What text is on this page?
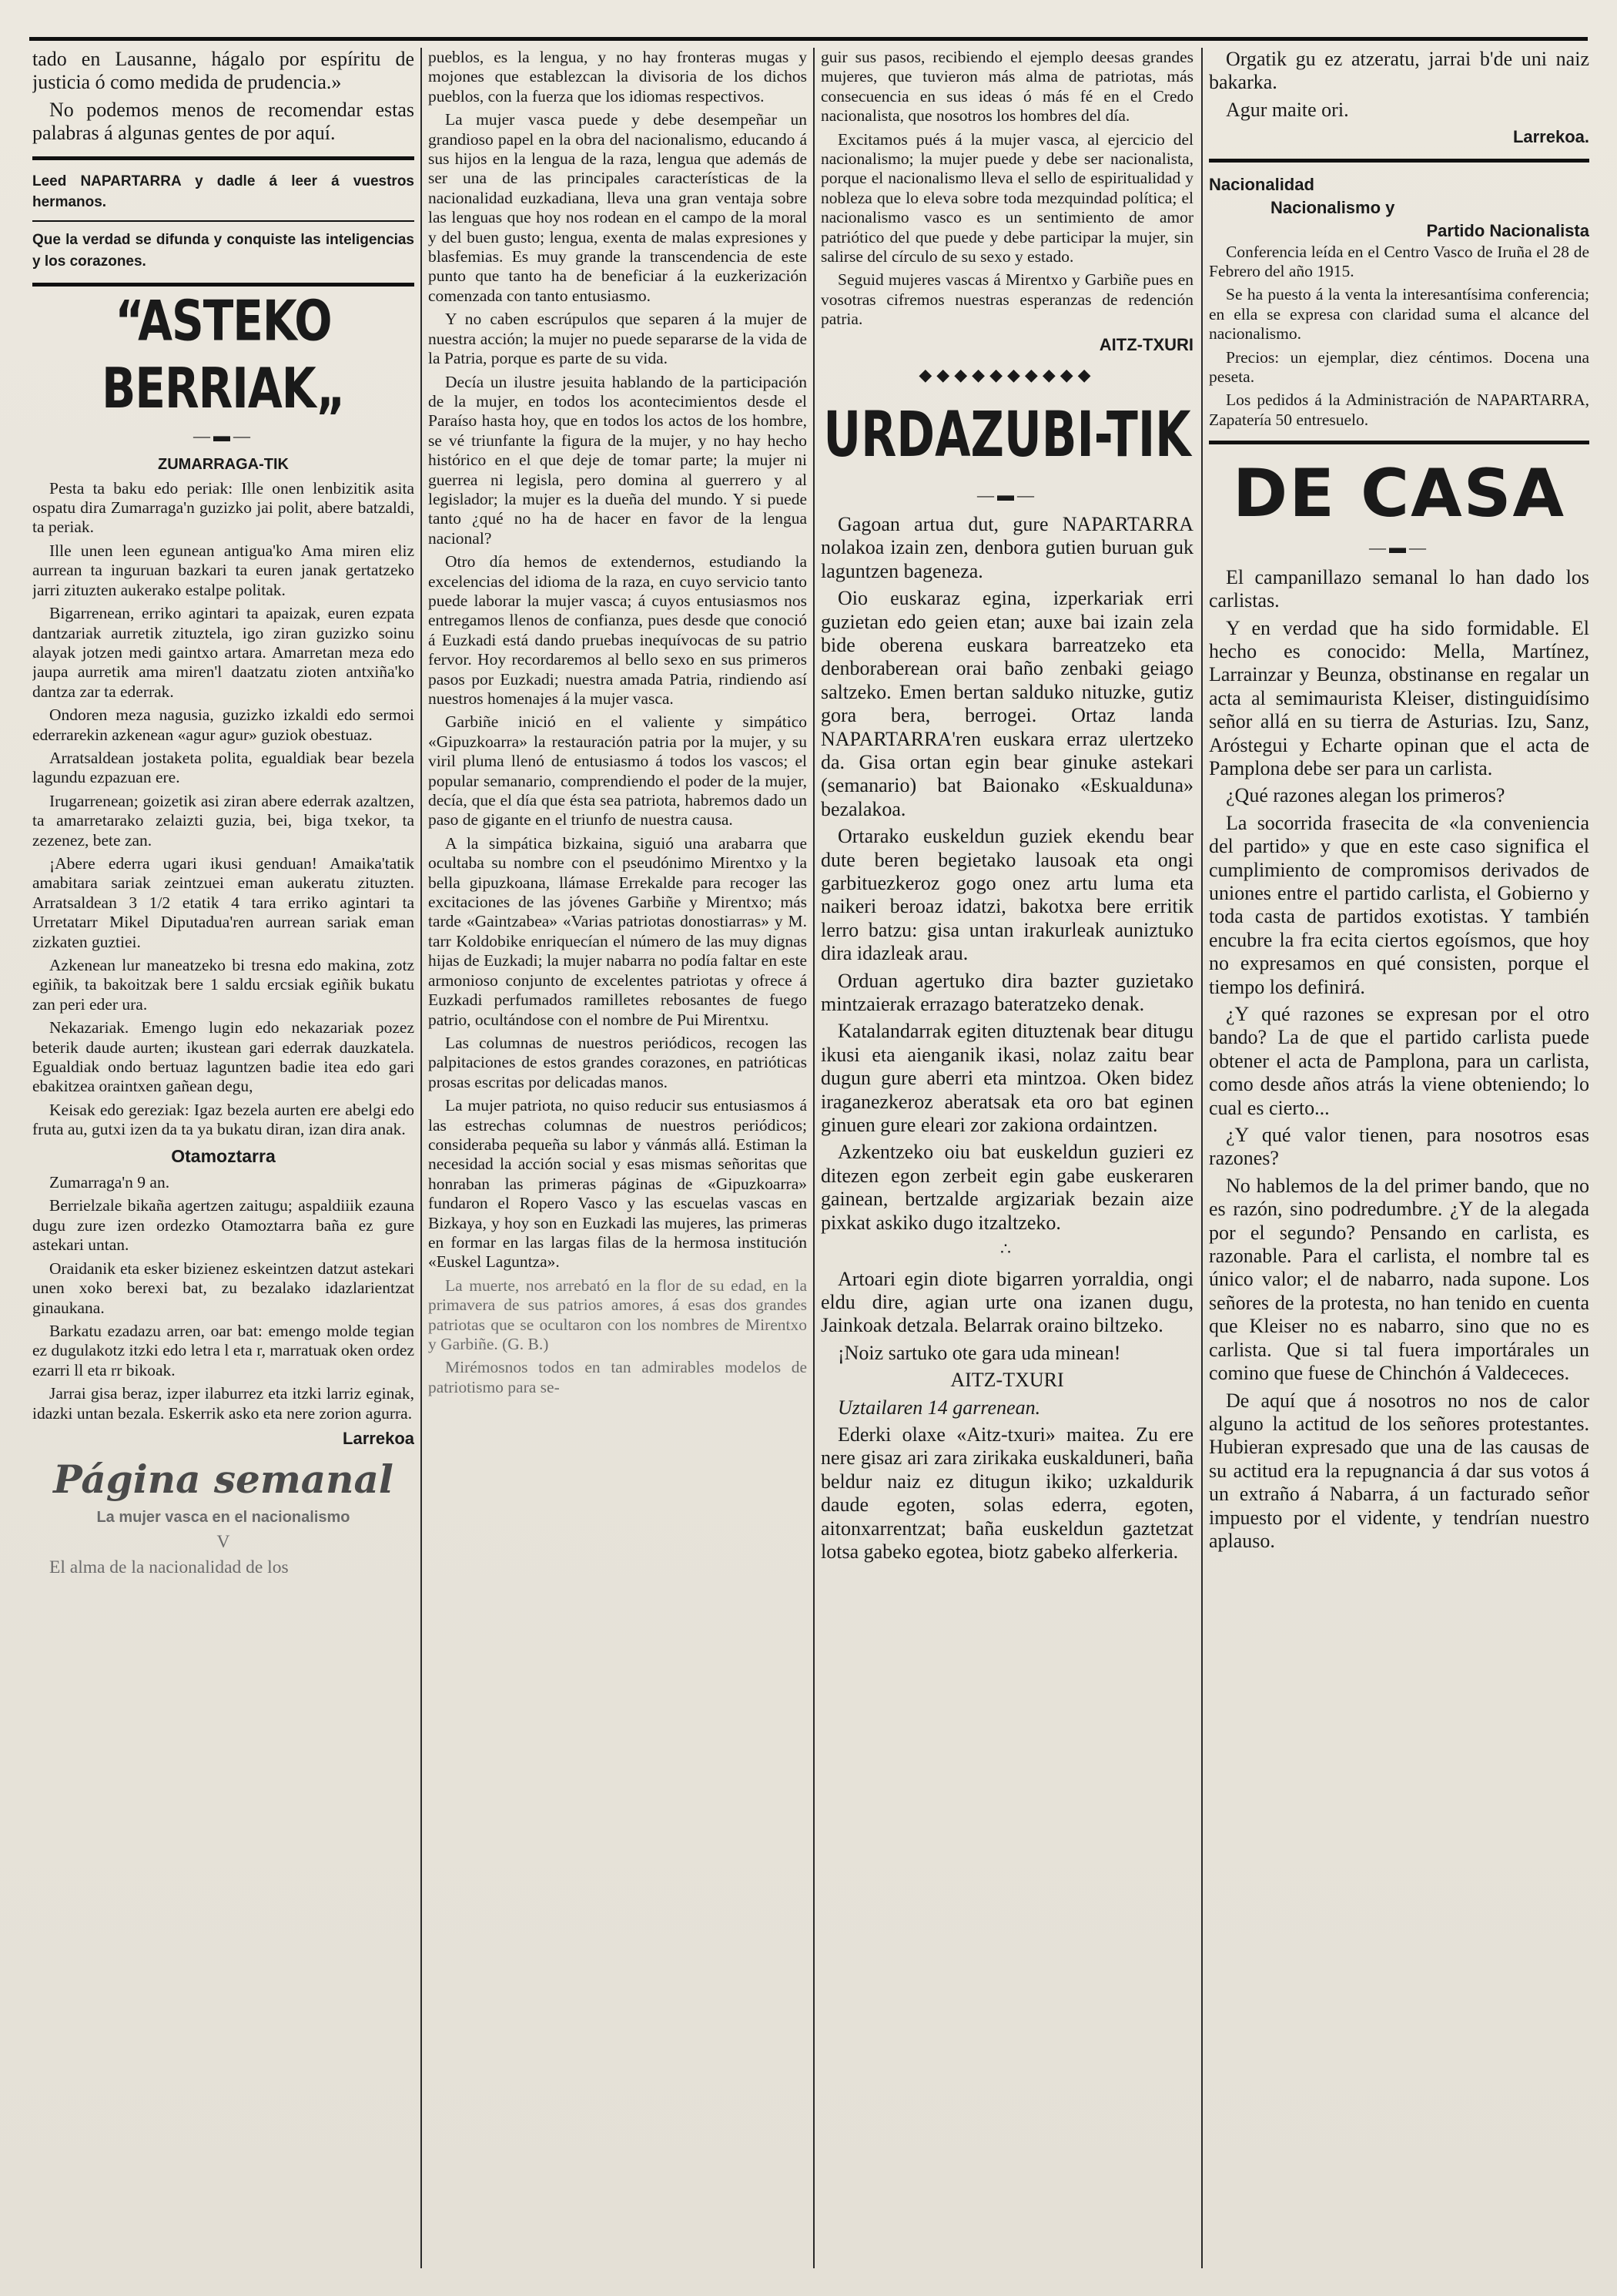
tado en Lausanne, hágalo por espíritu de justicia ó como medida de prudencia.»

No podemos menos de recomendar estas palabras á algunas gentes de por aquí.

Leed NAPARTARRA y dadle á leer á vuestros hermanos.

Que la verdad se difunda y conquiste las inteligencias y los corazones.

“ASTEKO BERRIAK„
—▬—

ZUMARRAGA-TIK

Pesta ta baku edo periak: Ille onen lenbizitik asita ospatu dira Zumarraga'n guzizko jai polit, abere batzaldi, ta periak.

Ille unen leen egunean antigua'ko Ama miren eliz aurrean ta inguruan bazkari ta euren janak gertatzeko jarri zituzten aukerako estalpe politak.

Bigarrenean, erriko agintari ta apaizak, euren ezpata dantzariak aurretik zituztela, igo ziran guzizko soinu alayak jotzen medi gaintxo artara. Amarretan meza edo jaupa aurretik ama miren'l daatzatu zioten antxiña'ko dantza zar ta ederrak.

Ondoren meza nagusia, guzizko izkaldi edo sermoi ederrarekin azkenean «agur agur» guziok obestuaz.

Arratsaldean jostaketa polita, egualdiak bear bezela lagundu ezpazuan ere.

Irugarrenean; goizetik asi ziran abere ederrak azaltzen, ta amarretarako zelaizti guzia, bei, biga txekor, ta zezenez, bete zan.

¡Abere ederra ugari ikusi genduan! Amaika'tatik amabitara sariak zeintzuei eman aukeratu zituzten. Arratsaldean 3 1/2 etatik 4 tara erriko agintari ta Urretatarr Mikel Diputadua'ren aurrean sariak eman zizkaten guztiei.

Azkenean lur maneatzeko bi tresna edo makina, zotz egiñik, ta bakoitzak bere 1 saldu ercsiak egiñik bukatu zan peri eder ura.

Nekazariak. Emengo lugin edo nekazariak pozez beterik daude aurten; ikustean gari ederrak dauzkatela. Egualdiak ondo bertuaz laguntzen badie itea edo gari ebakitzea oraintxen gañean degu,

Keisak edo gereziak: Igaz bezela aurten ere abelgi edo fruta au, gutxi izen da ta ya bukatu diran, izan dira anak.

Otamoztarra

Zumarraga'n 9 an.

Berrielzale bikaña agertzen zaitugu; aspaldiiik ezauna dugu zure izen ordezko Otamoztarra baña ez gure astekari untan.

Oraidanik eta esker bizienez eskeintzen datzut astekari unen xoko berexi bat, zu bezalako idazlarientzat ginaukana.

Barkatu ezadazu arren, oar bat: emengo molde tegian ez dugulakotz itzki edo letra l eta r, marratuak oken ordez ezarri ll eta rr bikoak.

Jarrai gisa beraz, izper ilaburrez eta itzki larriz eginak, idazki untan bezala. Eskerrik asko eta nere zorion agurra.

Larrekoa

Página semanal

La mujer vasca en el nacionalismo

V

El alma de la nacionalidad de los

pueblos, es la lengua, y no hay fronteras mugas y mojones que establezcan la divisoria de los dichos pueblos, con la fuerza que los idiomas respectivos.

La mujer vasca puede y debe desempeñar un grandioso papel en la obra del nacionalismo, educando á sus hijos en la lengua de la raza, lengua que además de ser una de las principales características de la nacionalidad euzkadiana, lleva una gran ventaja sobre las lenguas que hoy nos rodean en el campo de la moral y del buen gusto; lengua, exenta de malas expresiones y blasfemias. Es muy grande la transcendencia de este punto que tanto ha de beneficiar á la euzkerización comenzada con tanto entusiasmo.

Y no caben escrúpulos que separen á la mujer de nuestra acción; la mujer no puede separarse de la vida de la Patria, porque es parte de su vida.

Decía un ilustre jesuita hablando de la participación de la mujer, en todos los acontecimientos desde el Paraíso hasta hoy, que en todos los actos de los hombre, se vé triunfante la figura de la mujer, y no hay hecho histórico en el que deje de tomar parte; la mujer ni guerrea ni legisla, pero domina al guerrero y al legislador; la mujer es la dueña del mundo. Y si puede tanto ¿qué no ha de hacer en favor de la lengua nacional?

Otro día hemos de extendernos, estudiando la excelencias del idioma de la raza, en cuyo servicio tanto puede laborar la mujer vasca; á cuyos entusiasmos nos entregamos llenos de confianza, pues desde que conoció á Euzkadi está dando pruebas inequívocas de su patrio fervor. Hoy recordaremos al bello sexo en sus primeros pasos por Euzkadi; nuestra amada Patria, rindiendo así nuestros homenajes á la mujer vasca.

Garbiñe inició en el valiente y simpático «Gipuzkoarra» la restauración patria por la mujer, y su viril pluma llenó de entusiasmo á todos los vascos; el popular semanario, comprendiendo el poder de la mujer, decía, que el día que ésta sea patriota, habremos dado un paso de gigante en el triunfo de nuestra causa.

A la simpática bizkaina, siguió una arabarra que ocultaba su nombre con el pseudónimo Mirentxo y la bella gipuzkoana, llámase Errekalde para recoger las excitaciones de las jóvenes Garbiñe y Mirentxo; más tarde «Gaintzabea» «Varias patriotas donostiarras» y M. tarr Koldobike enriquecían el número de las muy dignas hijas de Euzkadi; la mujer nabarra no podía faltar en este armonioso conjunto de excelentes patriotas y ofrece á Euzkadi perfumados ramilletes rebosantes de fuego patrio, ocultándose con el nombre de Pui Mirentxu.

Las columnas de nuestros periódicos, recogen las palpitaciones de estos grandes corazones, en patrióticas prosas escritas por delicadas manos.

La mujer patriota, no quiso reducir sus entusiasmos á las estrechas columnas de nuestros periódicos; consideraba pequeña su labor y vánmás allá. Estiman la necesidad la acción social y esas mismas señoritas que honraban las primeras páginas de «Gipuzkoarra» fundaron el Ropero Vasco y las escuelas vascas en Bizkaya, y hoy son en Euzkadi las mujeres, las primeras en formar en las largas filas de la hermosa institución «Euskel Laguntza».

La muerte, nos arrebató en la flor de su edad, en la primavera de sus patrios amores, á esas dos grandes patriotas que se ocultaron con los nombres de Mirentxo y Garbiñe. (G. B.)

Mirémosnos todos en tan admirables modelos de patriotismo para se-

guir sus pasos, recibiendo el ejemplo deesas grandes mujeres, que tuvieron más alma de patriotas, más consecuencia en sus ideas ó más fé en el Credo nacionalista, que nosotros los hombres del día.

Excitamos pués á la mujer vasca, al ejercicio del nacionalismo; la mujer puede y debe ser nacionalista, porque el nacionalismo lleva el sello de espiritualidad y nobleza que lo eleva sobre toda mezquindad política; el nacionalismo vasco es un sentimiento de amor patriótico del que puede y debe participar la mujer, sin salirse del círculo de su sexo y estado.

Seguid mujeres vascas á Mirentxo y Garbiñe pues en vosotras cifremos nuestras esperanzas de redención patria.

AITZ-TXURI

◆◆◆◆◆◆◆◆◆◆
URDAZUBI-TIK
—▬—

Gagoan artua dut, gure NAPARTARRA nolakoa izain zen, denbora gutien buruan guk laguntzen bageneza.

Oio euskaraz egina, izperkariak erri guzietan edo geien etan; auxe bai izain zela bide oberena euskara barreatzeko eta denboraberean orai baño zenbaki geiago saltzeko. Emen bertan salduko nituzke, gutiz gora bera, berrogei. Ortaz landa NAPARTARRA'ren euskara erraz ulertzeko da. Gisa ortan egin bear ginuke astekari (semanario) bat Baionako «Eskualduna» bezalakoa.

Ortarako euskeldun guziek ekendu bear dute beren begietako lausoak eta ongi garbituezkeroz gogo onez artu luma eta naikeri beroaz idatzi, bakotxa bere erritik lerro batzu: gisa untan irakurleak auniztuko dira idazleak arau.

Orduan agertuko dira bazter guzietako mintzaierak errazago bateratzeko denak.

Katalandarrak egiten dituztenak bear ditugu ikusi eta aienganik ikasi, nolaz zaitu bear dugun gure aberri eta mintzoa. Oken bidez iraganezkeroz aberatsak eta oro bat eginen ginuen gure eleari zor zakiona ordaintzen.

Azkentzeko oiu bat euskeldun guzieri ez ditezen egon zerbeit egin gabe euskeraren gainean, bertzalde argizariak bezain aize pixkat askiko dugo itzaltzeko.

∴

Artoari egin diote bigarren yorraldia, ongi eldu dire, agian urte ona izanen dugu, Jainkoak detzala. Belarrak oraino biltzeko.

¡Noiz sartuko ote gara uda minean!

AITZ-TXURI

Uztailaren 14 garrenean.

Ederki olaxe «Aitz-txuri» maitea. Zu ere nere gisaz ari zara zirikaka euskalduneri, baña beldur naiz ez ditugun ikiko; uzkaldurik daude egoten, solas ederra, egoten, aitonxarrentzat; baña euskeldun gaztetzat lotsa gabeko egotea, biotz gabeko alferkeria.

Orgatik gu ez atzeratu, jarrai b'de uni naiz bakarka.

Agur maite ori.

Larrekoa.

Nacionalidad
Nacionalismo y
Partido Nacionalista

Conferencia leída en el Centro Vasco de Iruña el 28 de Febrero del año 1915.

Se ha puesto á la venta la interesantísima conferencia; en ella se expresa con claridad suma el alcance del nacionalismo.

Precios: un ejemplar, diez céntimos. Docena una peseta.

Los pedidos á la Administración de NAPARTARRA, Zapatería 50 entresuelo.

DE CASA
—▬—

El campanillazo semanal lo han dado los carlistas.

Y en verdad que ha sido formidable. El hecho es conocido: Mella, Martínez, Larrainzar y Beunza, obstinanse en regalar un acta al semimaurista Kleiser, distinguidísimo señor allá en su tierra de Asturias. Izu, Sanz, Aróstegui y Echarte opinan que el acta de Pamplona debe ser para un carlista.

¿Qué razones alegan los primeros?

La socorrida frasecita de «la conveniencia del partido» y que en este caso significa el cumplimiento de compromisos derivados de uniones entre el partido carlista, el Gobierno y toda casta de partidos exotistas. Y también encubre la fra ecita ciertos egoísmos, que hoy no expresamos en qué consisten, porque el tiempo los definirá.

¿Y qué razones se expresan por el otro bando? La de que el partido carlista puede obtener el acta de Pamplona, para un carlista, como desde años atrás la viene obteniendo; lo cual es cierto...

¿Y qué valor tienen, para nosotros esas razones?

No hablemos de la del primer bando, que no es razón, sino podredumbre. ¿Y de la alegada por el segundo? Pensando en carlista, es razonable. Para el carlista, el nombre tal es único valor; el de nabarro, nada supone. Los señores de la protesta, no han tenido en cuenta que Kleiser no es nabarro, sino que no es carlista. Que si tal fuera importárales un comino que fuese de Chinchón á Valdececes.

De aquí que á nosotros no nos de calor alguno la actitud de los señores protestantes. Hubieran expresado que una de las causas de su actitud era la repugnancia á dar sus votos á un extraño á Nabarra, á un facturado señor impuesto por el vidente, y tendrían nuestro aplauso.
